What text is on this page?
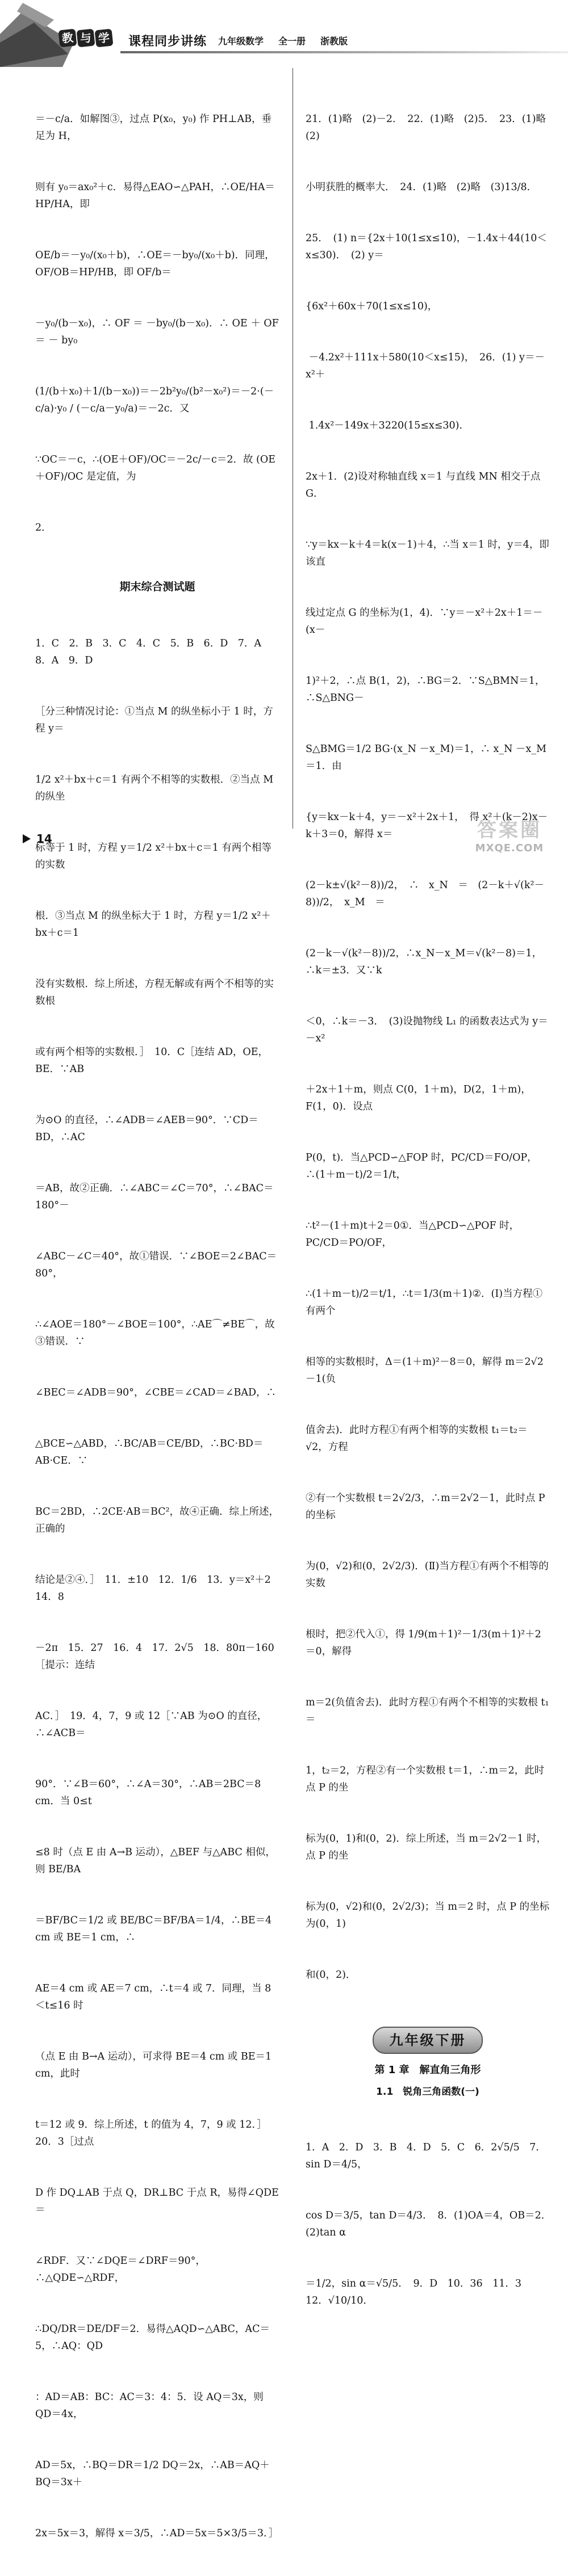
教 与 学 课程同步讲练 九年级数学 全一册 浙教版

＝－c/a．如解图③，过点 P(x₀，y₀) 作 PH⊥AB，垂足为 H，

则有 y₀＝ax₀²＋c．易得△EAO∽△PAH，∴OE/HA＝HP/HA，即

OE/b＝－y₀/(x₀＋b)，∴OE＝－by₀/(x₀＋b)．同理，OF/OB＝HP/HB，即 OF/b＝

－y₀/(b－x₀)，∴ OF ＝ －by₀/(b－x₀)．∴ OE ＋ OF ＝ － by₀

(1/(b＋x₀)＋1/(b－x₀))＝－2b²y₀/(b²－x₀²)＝－2·(－c/a)·y₀ / (－c/a－y₀/a)＝－2c．又

∵OC＝－c，∴(OE＋OF)/OC＝－2c/－c＝2．故 (OE＋OF)/OC 是定值，为

2．

期末综合测试题

1．C　2．B　3．C　4．C　5．B　6．D　7．A　8．A　9．D

［分三种情况讨论：①当点 M 的纵坐标小于 1 时，方程 y＝

1/2 x²＋bx＋c＝1 有两个不相等的实数根．②当点 M 的纵坐

标等于 1 时，方程 y＝1/2 x²＋bx＋c＝1 有两个相等的实数

根．③当点 M 的纵坐标大于 1 时，方程 y＝1/2 x²＋bx＋c＝1

没有实数根．综上所述，方程无解或有两个不相等的实数根

或有两个相等的实数根．］　10．C［连结 AD，OE，BE．∵AB

为⊙O 的直径，∴∠ADB＝∠AEB＝90°．∵CD＝BD，∴AC

＝AB，故②正确．∴∠ABC＝∠C＝70°，∴∠BAC＝180°－

∠ABC－∠C＝40°，故①错误．∵∠BOE＝2∠BAC＝80°，

∴∠AOE＝180°－∠BOE＝100°，∴AE⌒≠BE⌒，故③错误．∵

∠BEC＝∠ADB＝90°，∠CBE＝∠CAD＝∠BAD，∴

△BCE∽△ABD，∴BC/AB＝CE/BD，∴BC·BD＝AB·CE．∵

BC＝2BD，∴2CE·AB＝BC²，故④正确．综上所述，正确的

结论是②④．］　11．±10　12．1/6　13．y＝x²＋2　14．8

－2π　15．27　16．4　17．2√5　18．80π－160［提示：连结

AC．］　19．4，7，9 或 12［∵AB 为⊙O 的直径，∴∠ACB＝

90°．∵∠B＝60°，∴∠A＝30°，∴AB＝2BC＝8 cm．当 0≤t

≤8 时（点 E 由 A→B 运动），△BEF 与△ABC 相似，则 BE/BA

＝BF/BC＝1/2 或 BE/BC＝BF/BA＝1/4，∴BE＝4 cm 或 BE＝1 cm，∴

AE＝4 cm 或 AE＝7 cm，∴t＝4 或 7．同理，当 8＜t≤16 时

（点 E 由 B→A 运动），可求得 BE＝4 cm 或 BE＝1 cm，此时

t＝12 或 9．综上所述，t 的值为 4，7，9 或 12．］　20．3［过点

D 作 DQ⊥AB 于点 Q，DR⊥BC 于点 R，易得∠QDE＝

∠RDF．又∵∠DQE＝∠DRF＝90°，∴△QDE∽△RDF，

∴DQ/DR＝DE/DF＝2．易得△AQD∽△ABC，AC＝5，∴AQ：QD

：AD＝AB：BC：AC＝3：4：5．设 AQ＝3x，则 QD＝4x，

AD＝5x，∴BQ＝DR＝1/2 DQ＝2x，∴AB＝AQ＋BQ＝3x＋

2x＝5x＝3，解得 x＝3/5，∴AD＝5x＝5×3/5＝3．］

21．(1)略　(2)－2．　22．(1)略　(2)5．　23．(1)略　(2)

小明获胜的概率大．　24．(1)略　(2)略　(3)13/8．

25．　(1) n＝{2x＋10(1≤x≤10)，－1.4x＋44(10＜x≤30)．　(2) y＝

{6x²＋60x＋70(1≤x≤10)，

－4.2x²＋111x＋580(10＜x≤15)，　26．(1) y＝－x²＋

1.4x²－149x＋3220(15≤x≤30)．

2x＋1．(2)设对称轴直线 x＝1 与直线 MN 相交于点 G．

∵y＝kx－k＋4＝k(x－1)＋4，∴当 x＝1 时，y＝4，即该直

线过定点 G 的坐标为(1，4)．∵y＝－x²＋2x＋1＝－(x－

1)²＋2，∴点 B(1，2)，∴BG＝2．∵S△BMN＝1，∴S△BNG－

S△BMG＝1/2 BG·(x_N －x_M)＝1，∴ x_N －x_M ＝1．由

{y＝kx－k＋4，y＝－x²＋2x＋1，　得 x²＋(k－2)x－k＋3＝0，解得 x＝

(2－k±√(k²－8))/2，　∴　x_N　＝　(2－k＋√(k²－8))/2，　x_M　＝

(2－k－√(k²－8))/2，∴x_N－x_M＝√(k²－8)＝1，∴k＝±3．又∵k

＜0，∴k＝－3．　(3)设抛物线 L₁ 的函数表达式为 y＝－x²

＋2x＋1＋m，则点 C(0，1＋m)，D(2，1＋m)，F(1，0)．设点

P(0，t)．当△PCD∽△FOP 时，PC/CD＝FO/OP，∴(1＋m－t)/2＝1/t，

∴t²－(1＋m)t＋2＝0①．当△PCD∽△POF 时，PC/CD＝PO/OF，

∴(1＋m－t)/2＝t/1，∴t＝1/3(m＋1)②．(Ⅰ)当方程①有两个

相等的实数根时，Δ＝(1＋m)²－8＝0，解得 m＝2√2－1(负

值舍去)．此时方程①有两个相等的实数根 t₁＝t₂＝√2，方程

②有一个实数根 t＝2√2/3，∴m＝2√2－1，此时点 P 的坐标

为(0，√2)和(0，2√2/3)．(Ⅱ)当方程①有两个不相等的实数

根时，把②代入①，得 1/9(m＋1)²－1/3(m＋1)²＋2＝0，解得

m＝2(负值舍去)．此时方程①有两个不相等的实数根 t₁＝

1，t₂＝2，方程②有一个实数根 t＝1，∴m＝2，此时点 P 的坐

标为(0，1)和(0，2)．综上所述，当 m＝2√2－1 时，点 P 的坐

标为(0，√2)和(0，2√2/3)；当 m＝2 时，点 P 的坐标为(0，1)

和(0，2)．

九年级下册
第 1 章　解直角三角形
1.1　锐角三角函数(一)

1．A　2．D　3．B　4．D　5．C　6．2√5/5　7．sin D＝4/5，

cos D＝3/5，tan D＝4/3．　8．(1)OA＝4，OB＝2．　(2)tan α

＝1/2，sin α＝√5/5．　9．D　10．36　11．3　12．√10/10．

14	答案圈
MXQE.COM
